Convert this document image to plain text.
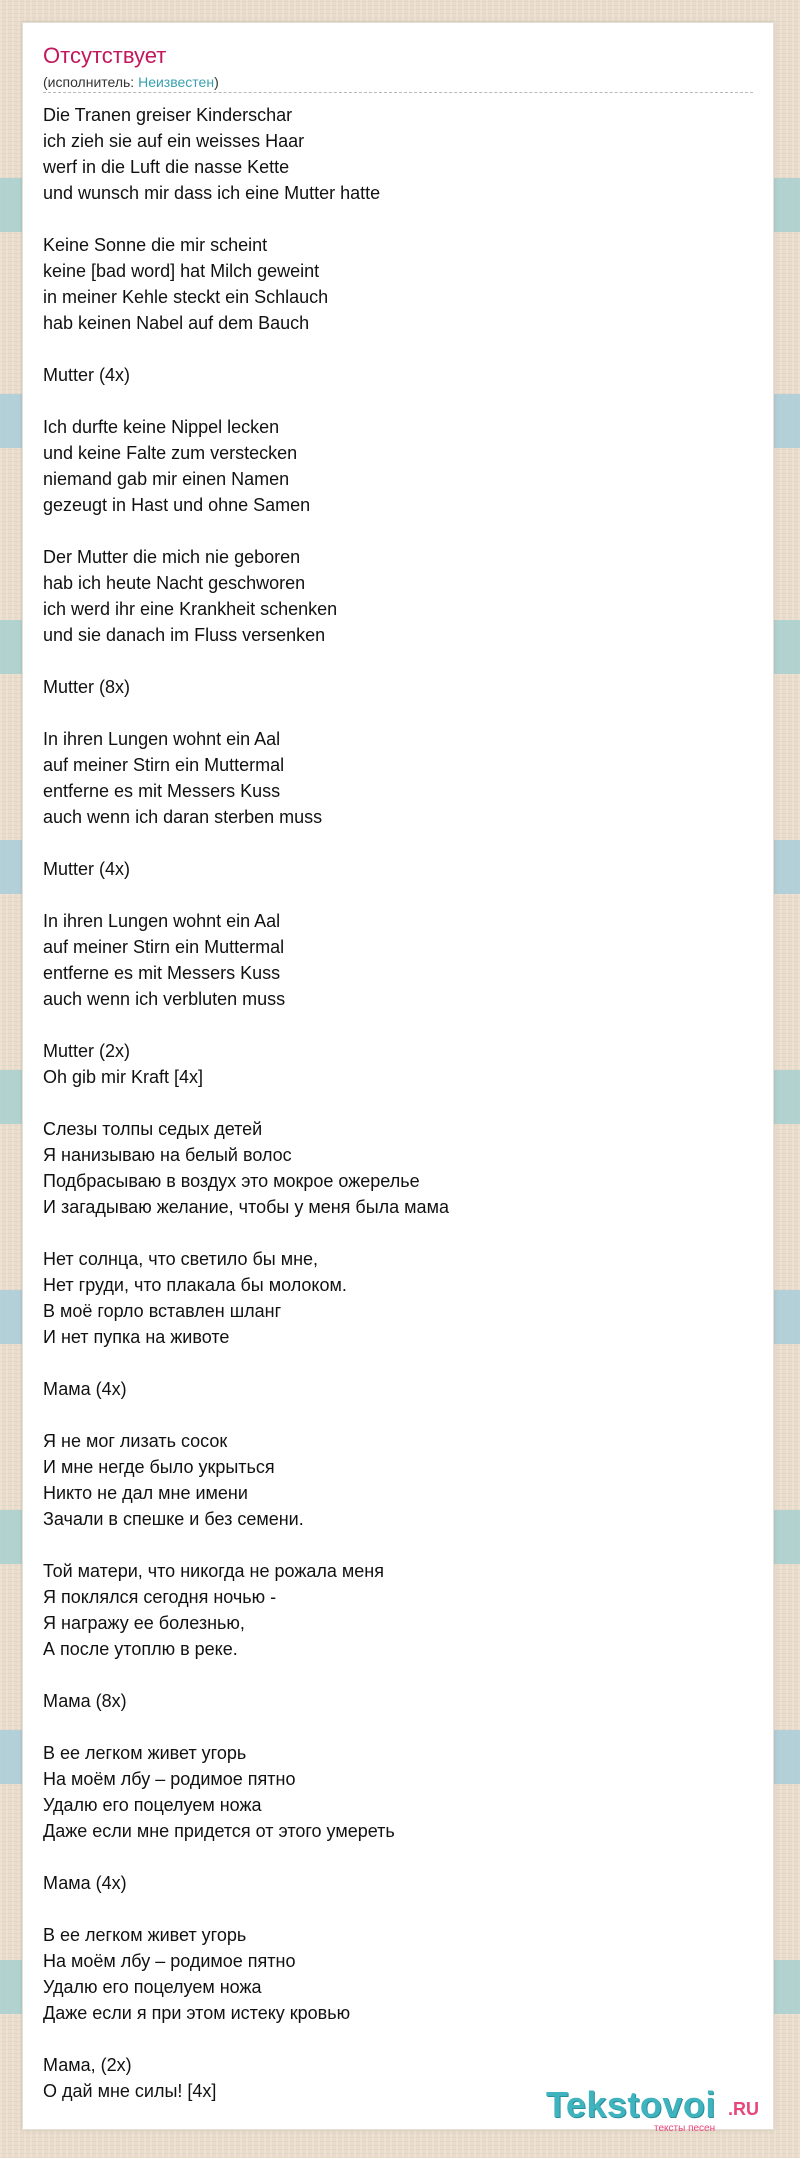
Отсутствует
(исполнитель: Неизвестен)
Die Tranen greiser Kinderschar
ich zieh sie auf ein weisses Haar
werf in die Luft die nasse Kette
und wunsch mir dass ich eine Mutter hatte
Keine Sonne die mir scheint
keine [bad word] hat Milch geweint
in meiner Kehle steckt ein Schlauch
hab keinen Nabel auf dem Bauch
Mutter (4x)
Ich durfte keine Nippel lecken
und keine Falte zum verstecken
niemand gab mir einen Namen
gezeugt in Hast und ohne Samen
Der Mutter die mich nie geboren
hab ich heute Nacht geschworen
ich werd ihr eine Krankheit schenken
und sie danach im Fluss versenken
Mutter (8x)
In ihren Lungen wohnt ein Aal
auf meiner Stirn ein Muttermal
entferne es mit Messers Kuss
auch wenn ich daran sterben muss
Mutter (4x)
In ihren Lungen wohnt ein Aal
auf meiner Stirn ein Muttermal
entferne es mit Messers Kuss
auch wenn ich verbluten muss
Mutter (2x)
Oh gib mir Kraft [4x]
Слезы толпы седых детей
Я нанизываю на белый волос
Подбрасываю в воздух это мокрое ожерелье
И загадываю желание, чтобы у меня была мама
Нет солнца, что светило бы мне,
Нет груди, что плакала бы молоком.
В моё горло вставлен шланг
И нет пупка на животе
Мама (4x)
Я не мог лизать сосок
И мне негде было укрыться
Никто не дал мне имени
Зачали в спешке и без семени.
Той матери, что никогда не рожала меня
Я поклялся сегодня ночью -
Я награжу ее болезнью,
А после утоплю в реке.
Мама (8x)
В ее легком живет угорь
На моём лбу – родимое пятно
Удалю его поцелуем ножа
Даже если мне придется от этого умереть
Мама (4x)
В ее легком живет угорь
На моём лбу – родимое пятно
Удалю его поцелуем ножа
Даже если я при этом истеку кровью
Мама, (2x)
О дай мне силы! [4x]	Tekstovoi .RU
тексты песен
